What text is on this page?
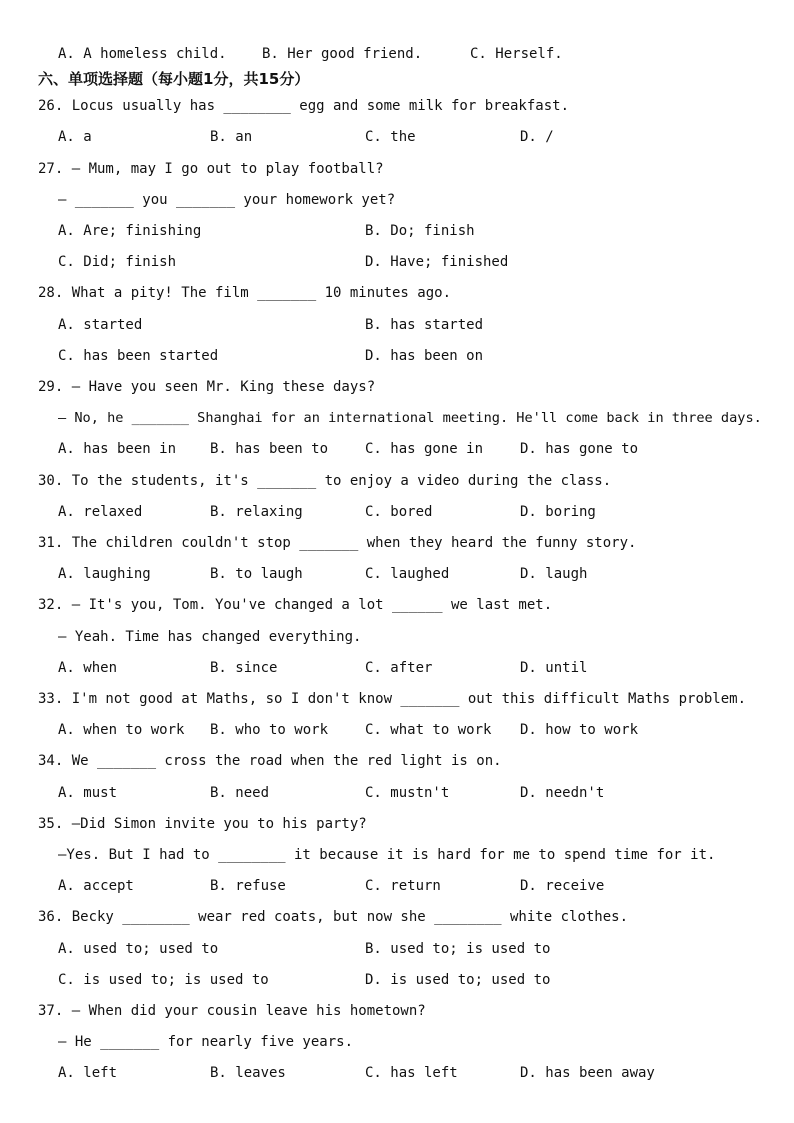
A. A homeless child.	B. Her good friend.	C. Herself.
六、单项选择题（每小题1分，共15分）
26. Locus usually has ________ egg and some milk for breakfast.
A. a	B. an	C. the	D. /
27. — Mum, may I go out to play football?
— _______ you _______ your homework yet?
A. Are; finishing	B. Do; finish
C. Did; finish	D. Have; finished
28. What a pity! The film _______ 10 minutes ago.
A. started	B. has started
C. has been started	D. has been on
29. — Have you seen Mr. King these days?
— No, he _______ Shanghai for an international meeting. He'll come back in three days.
A. has been in B. has been to	C. has gone in	D. has gone to
30. To the students, it's _______ to enjoy a video during the class.
A. relaxed	B. relaxing	C. bored	D. boring
31. The children couldn't stop _______ when they heard the funny story.
A. laughing	B. to laugh	C. laughed	D. laugh
32. — It's you, Tom. You've changed a lot ______ we last met.
— Yeah. Time has changed everything.
A. when	B. since	C. after	D. until
33. I'm not good at Maths, so I don't know _______ out this difficult Maths problem.
A. when to work B. who to work	C. what to work D. how to work
34. We _______ cross the road when the red light is on.
A. must	B. need	C. mustn't	D. needn't
35. —Did Simon invite you to his party?
—Yes. But I had to ________ it because it is hard for me to spend time for it.
A. accept	B. refuse	C. return	D. receive
36. Becky ________ wear red coats, but now she ________ white clothes.
A. used to; used to	B. used to; is used to
C. is used to; is used to	D. is used to; used to
37. — When did your cousin leave his hometown?
— He _______ for nearly five years.
A. left	B. leaves	C. has left	D. has been away
